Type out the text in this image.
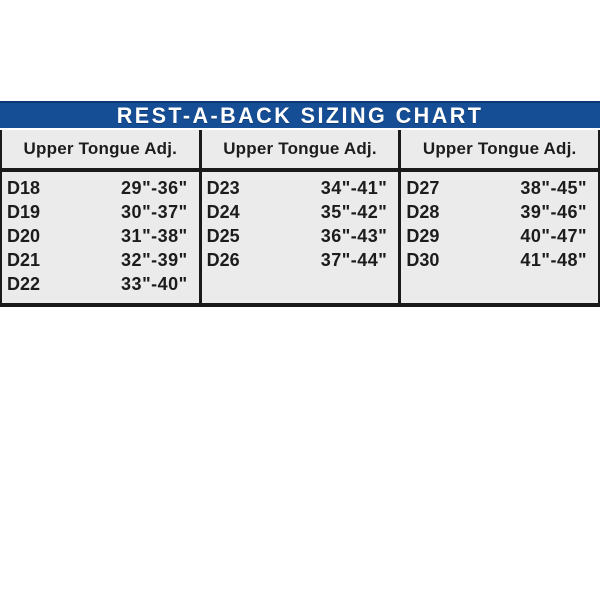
REST-A-BACK SIZING CHART
Upper Tongue Adj.	Upper Tongue Adj.	Upper Tongue Adj.
D18	29"-36"
D19	30"-37"
D20	31"-38"
D21	32"-39"
D22	33"-40"
D23	34"-41"
D24	35"-42"
D25	36"-43"
D26	37"-44"
D27	38"-45"
D28	39"-46"
D29	40"-47"
D30	41"-48"
